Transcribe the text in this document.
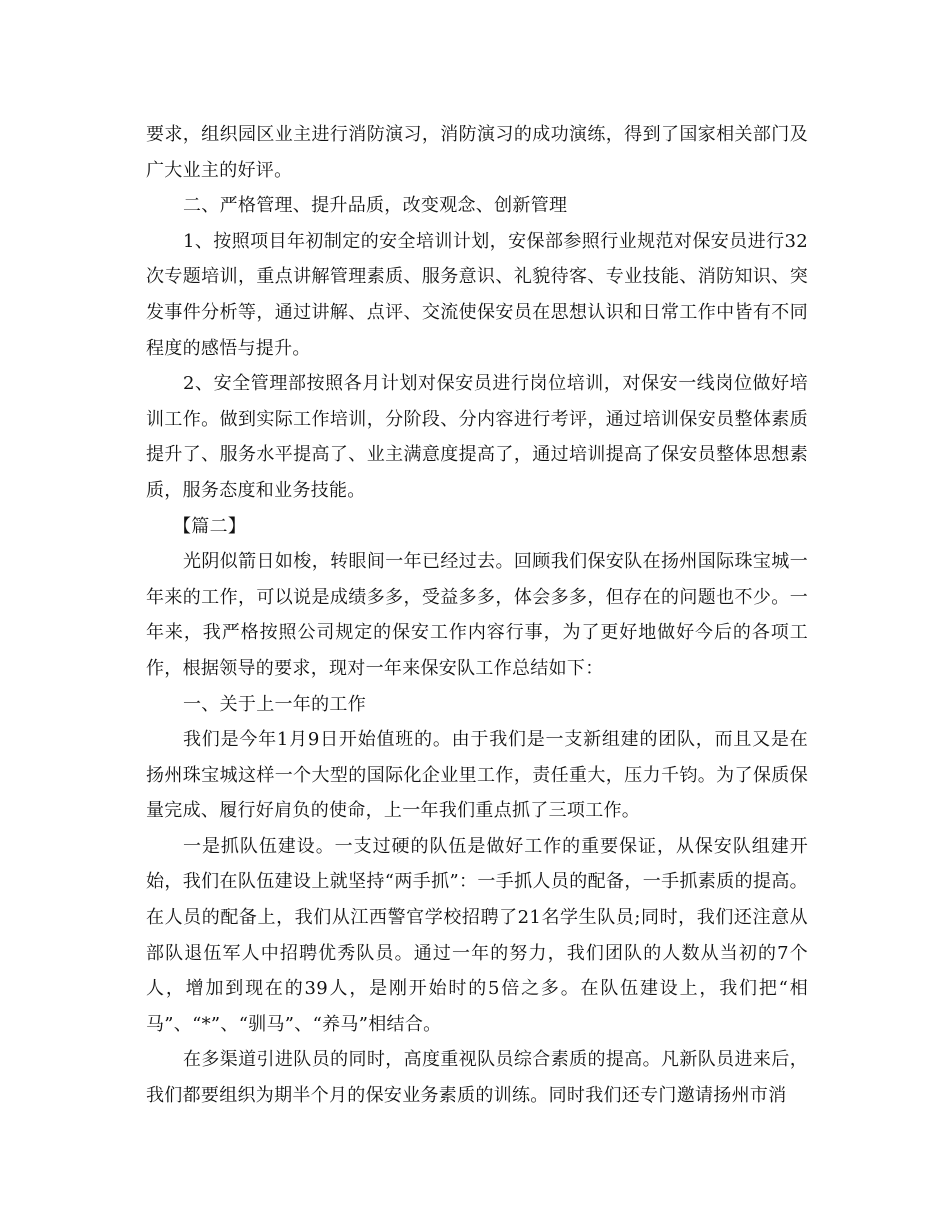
要求，组织园区业主进行消防演习，消防演习的成功演练，得到了国家相关部门及广大业主的好评。

二、严格管理、提升品质，改变观念、创新管理

1、按照项目年初制定的安全培训计划，安保部参照行业规范对保安员进行32次专题培训，重点讲解管理素质、服务意识、礼貌待客、专业技能、消防知识、突发事件分析等，通过讲解、点评、交流使保安员在思想认识和日常工作中皆有不同程度的感悟与提升。

2、安全管理部按照各月计划对保安员进行岗位培训，对保安一线岗位做好培训工作。做到实际工作培训，分阶段、分内容进行考评，通过培训保安员整体素质提升了、服务水平提高了、业主满意度提高了，通过培训提高了保安员整体思想素质，服务态度和业务技能。

【篇二】

光阴似箭日如梭，转眼间一年已经过去。回顾我们保安队在扬州国际珠宝城一年来的工作，可以说是成绩多多，受益多多，体会多多，但存在的问题也不少。一年来，我严格按照公司规定的保安工作内容行事，为了更好地做好今后的各项工作，根据领导的要求，现对一年来保安队工作总结如下：

一、关于上一年的工作

我们是今年1月9日开始值班的。由于我们是一支新组建的团队，而且又是在扬州珠宝城这样一个大型的国际化企业里工作，责任重大，压力千钧。为了保质保量完成、履行好肩负的使命，上一年我们重点抓了三项工作。

一是抓队伍建设。一支过硬的队伍是做好工作的重要保证，从保安队组建开始，我们在队伍建设上就坚持“两手抓”：一手抓人员的配备，一手抓素质的提高。在人员的配备上，我们从江西警官学校招聘了21名学生队员;同时，我们还注意从部队退伍军人中招聘优秀队员。通过一年的努力，我们团队的人数从当初的7个人，增加到现在的39人，是刚开始时的5倍之多。在队伍建设上，我们把“相马”、“*”、“驯马”、“养马”相结合。

在多渠道引进队员的同时，高度重视队员综合素质的提高。凡新队员进来后，我们都要组织为期半个月的保安业务素质的训练。同时我们还专门邀请扬州市消
